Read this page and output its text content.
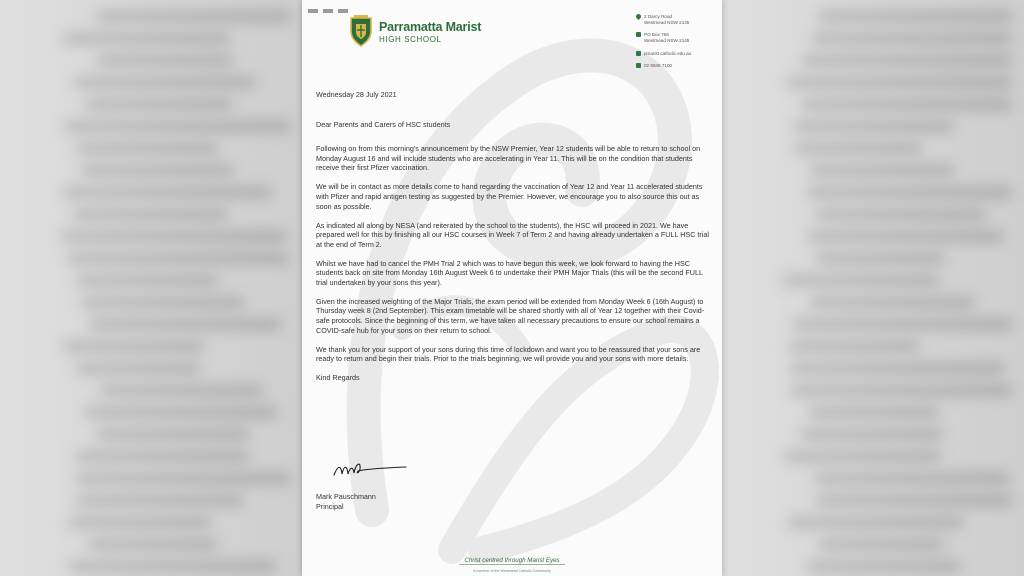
Parramatta Marist
HIGH SCHOOL
2 Darcy Road
Westmead NSW 2145
PO Box 756
Westmead NSW 2145
pmarist.catholic.edu.au
02 9848 7100

Wednesday 28 July 2021

Dear Parents and Carers of HSC students

Following on from this morning's announcement by the NSW Premier, Year 12 students will be able to return to school on Monday August 16 and will include students who are accelerating in Year 11. This will be on the condition that students receive their first Pfizer vaccination.

We will be in contact as more details come to hand regarding the vaccination of Year 12 and Year 11 accelerated students with Pfizer and rapid antigen testing as suggested by the Premier. However, we encourage you to also source this out as soon as possible.

As indicated all along by NESA (and reiterated by the school to the students), the HSC will proceed in 2021. We have prepared well for this by finishing all our HSC courses in Week 7 of Term 2 and having already undertaken a FULL HSC trial at the end of Term 2.

Whilst we have had to cancel the PMH Trial 2 which was to have begun this week, we look forward to having the HSC students back on site from Monday 16th August Week 6 to undertake their PMH Major Trials (this will be the second FULL trial undertaken by your sons this year).

Given the increased weighting of the Major Trials, the exam period will be extended from Monday Week 6 (16th August) to Thursday week 8 (2nd September). This exam timetable will be shared shortly with all of Year 12 together with their Covid-safe protocols. Since the beginning of this term, we have taken all necessary precautions to ensure our school remains a COVID-safe hub for your sons on their return to school.

We thank you for your support of your sons during this time of lockdown and want you to be reassured that your sons are ready to return and begin their trials. Prior to the trials beginning, we will provide you and your sons with more details.

Kind Regards

Mark Pauschmann
Principal
Christ centred through Marist Eyes
A member of the Westmead Catholic Community
